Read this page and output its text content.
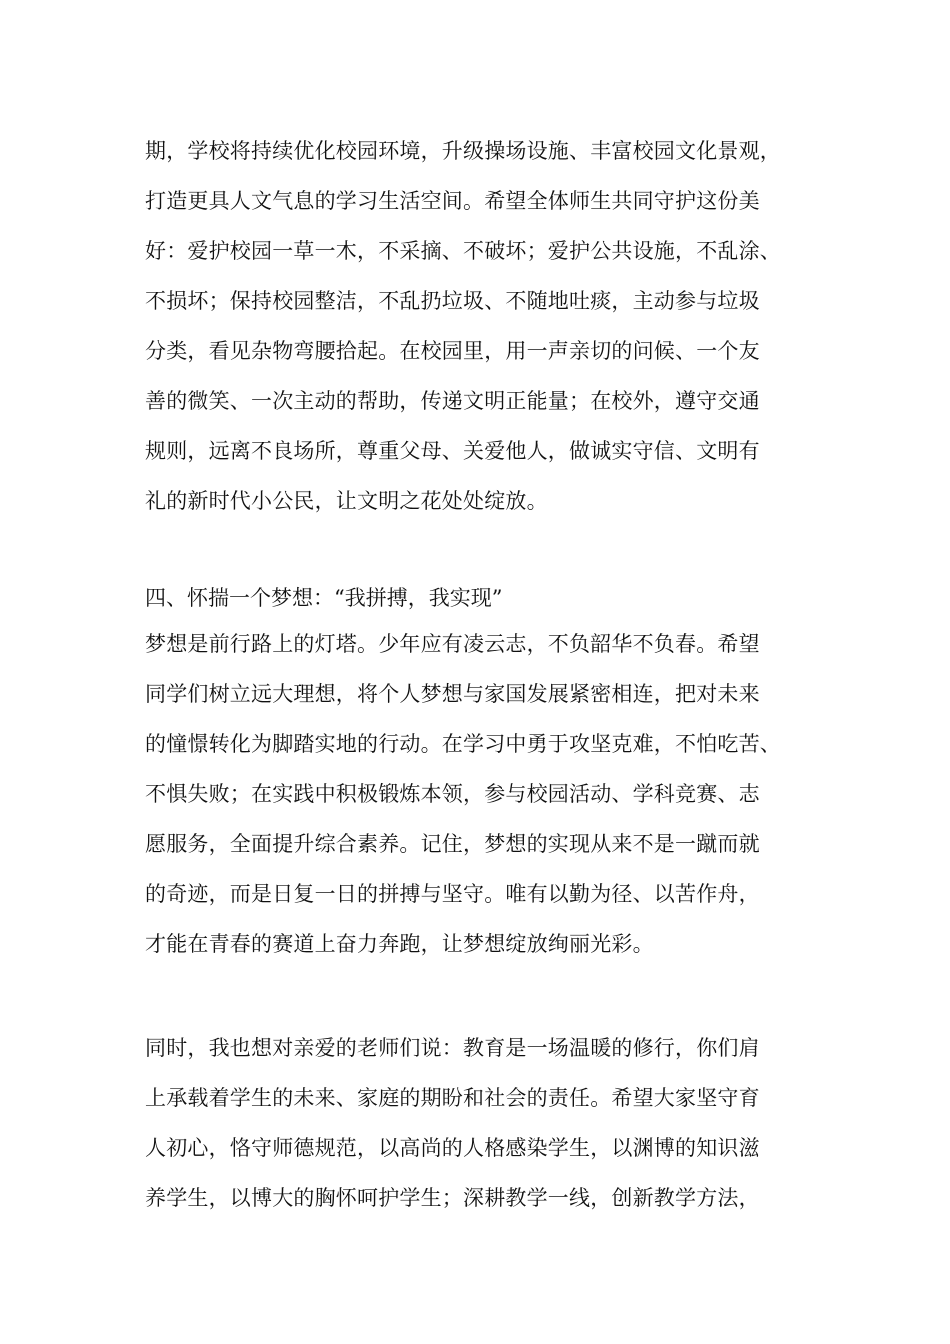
期，学校将持续优化校园环境，升级操场设施、丰富校园文化景观，
打造更具人文气息的学习生活空间。希望全体师生共同守护这份美
好：爱护校园一草一木，不采摘、不破坏；爱护公共设施，不乱涂、
不损坏；保持校园整洁，不乱扔垃圾、不随地吐痰，主动参与垃圾
分类，看见杂物弯腰拾起。在校园里，用一声亲切的问候、一个友
善的微笑、一次主动的帮助，传递文明正能量；在校外，遵守交通
规则，远离不良场所，尊重父母、关爱他人，做诚实守信、文明有
礼的新时代小公民，让文明之花处处绽放。
四、怀揣一个梦想：“我拼搏，我实现”
梦想是前行路上的灯塔。少年应有凌云志，不负韶华不负春。希望
同学们树立远大理想，将个人梦想与家国发展紧密相连，把对未来
的憧憬转化为脚踏实地的行动。在学习中勇于攻坚克难，不怕吃苦、
不惧失败；在实践中积极锻炼本领，参与校园活动、学科竞赛、志
愿服务，全面提升综合素养。记住，梦想的实现从来不是一蹴而就
的奇迹，而是日复一日的拼搏与坚守。唯有以勤为径、以苦作舟，
才能在青春的赛道上奋力奔跑，让梦想绽放绚丽光彩。
同时，我也想对亲爱的老师们说：教育是一场温暖的修行，你们肩
上承载着学生的未来、家庭的期盼和社会的责任。希望大家坚守育
人初心，恪守师德规范，以高尚的人格感染学生，以渊博的知识滋
养学生，以博大的胸怀呵护学生；深耕教学一线，创新教学方法，
